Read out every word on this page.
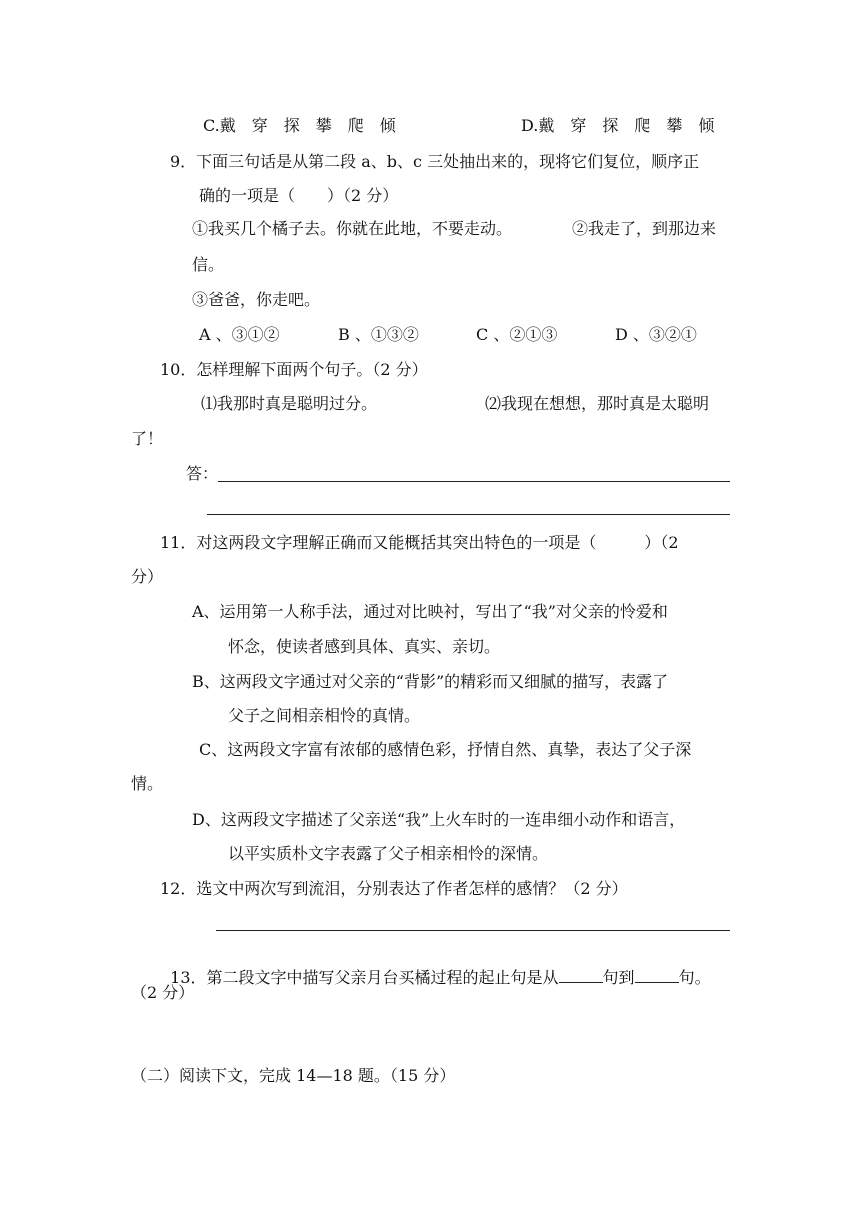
C.戴　穿　探　攀　爬　倾	D.戴　穿　探　爬　攀　倾
9．下面三句话是从第二段 a、b、c 三处抽出来的，现将它们复位，顺序正
确的一项是（　　）（2 分）
①我买几个橘子去。你就在此地，不要走动。	②我走了，到那边来
信。
③爸爸，你走吧。
A 、③①②	B 、①③②	C 、②①③	D 、③②①
10．怎样理解下面两个句子。（2 分）
⑴我那时真是聪明过分。	⑵我现在想想，那时真是太聪明
了！
答：
11．对这两段文字理解正确而又能概括其突出特色的一项是（　　　）（2
分）
A、运用第一人称手法，通过对比映衬，写出了“我”对父亲的怜爱和
怀念，使读者感到具体、真实、亲切。
B、这两段文字通过对父亲的“背影”的精彩而又细腻的描写，表露了
父子之间相亲相怜的真情。
C、这两段文字富有浓郁的感情色彩，抒情自然、真挚，表达了父子深
情。
D、这两段文字描述了父亲送“我”上火车时的一连串细小动作和语言，
以平实质朴文字表露了父子相亲相怜的深情。
12．选文中两次写到流泪，分别表达了作者怎样的感情？（2 分）

13．第二段文字中描写父亲月台买橘过程的起止句是从	句到	句。

（2 分）
（二）阅读下文，完成 14—18 题。（15 分）
